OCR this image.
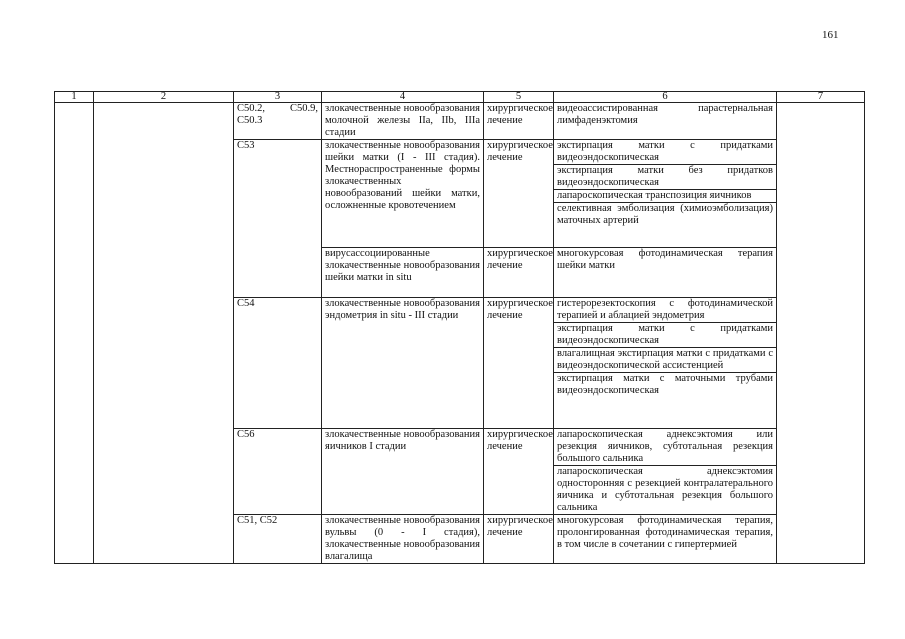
161
1	2	3	4	5	6	7
		C50.2, C50.9, C50.3	злокачественные новообразования молочной железы IIa, IIb, IIIa стадии	хирургическое лечение	видеоассистированная парастернальная лимфаденэктомия	

		C53	злокачественные новообразования шейки матки (I - III стадия). Местнораспространенные формы злокачественных новообразований шейки матки, осложненные кровотечением	хирургическое лечение	экстирпация матки с придатками видеоэндоскопическая
экстирпация матки без придатков видеоэндоскопическая
лапароскопическая транспозиция яичников
селективная эмболизация (химиоэмболизация) маточных артерий	

			вирусассоциированные злокачественные новообразования шейки матки in situ	хирургическое лечение	многокурсовая фотодинамическая терапия шейки матки	

		C54	злокачественные новообразования эндометрия in situ - III стадии	хирургическое лечение	гистерорезектоскопия с фотодинамической терапией и аблацией эндометрия
экстирпация матки с придатками видеоэндоскопическая
влагалищная экстирпация матки с придатками с видеоэндоскопической ассистенцией
экстирпация матки с маточными трубами видеоэндоскопическая	

		C56	злокачественные новообразования яичников I стадии	хирургическое лечение	лапароскопическая аднексэктомия или резекция яичников, субтотальная резекция большого сальника
лапароскопическая аднексэктомия односторонняя с резекцией контралатерального яичника и субтотальная резекция большого сальника	

		C51, C52	злокачественные новообразования вульвы (0 - I стадия), злокачественные новообразования влагалища	хирургическое лечение	многокурсовая фотодинамическая терапия, пролонгированная фотодинамическая терапия, в том числе в сочетании с гипертермией	
